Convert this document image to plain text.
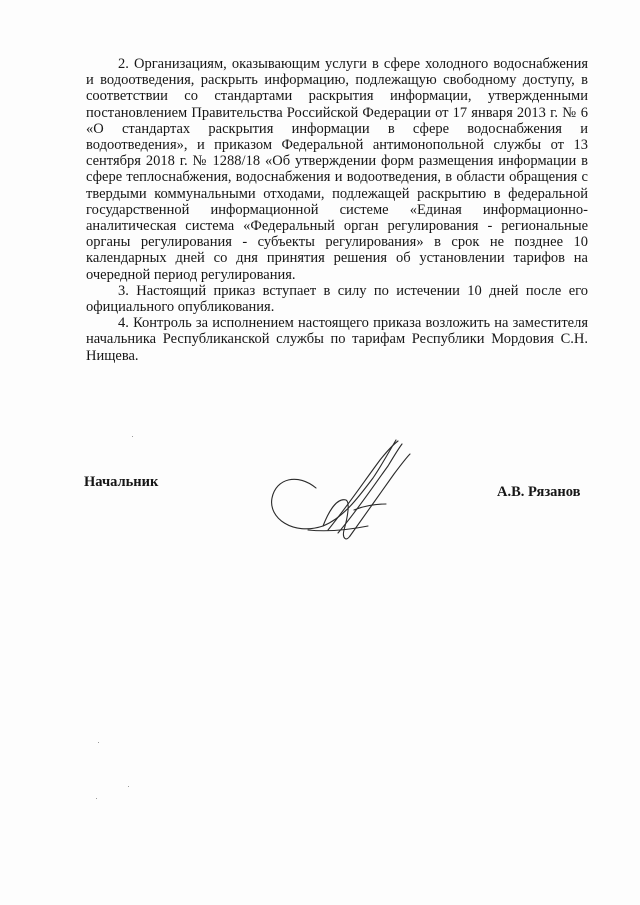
2. Организациям, оказывающим услуги в сфере холодного водоснабжения и водоотведения, раскрыть информацию, подлежащую свободному доступу, в соответствии со стандартами раскрытия информации, утвержденными постановлением Правительства Российской Федерации от 17 января 2013 г. № 6 «О стандартах раскрытия информации в сфере водоснабжения и водоотведения», и приказом Федеральной антимонопольной службы от 13 сентября 2018 г. № 1288/18 «Об утверждении форм размещения информации в сфере теплоснабжения, водоснабжения и водоотведения, в области обращения с твердыми коммунальными отходами, подлежащей раскрытию в федеральной государственной информационной системе «Единая информационно-аналитическая система «Федеральный орган регулирования - региональные органы регулирования - субъекты регулирования» в срок не позднее 10 календарных дней со дня принятия решения об установлении тарифов на очередной период регулирования.

3. Настоящий приказ вступает в силу по истечении 10 дней после его официального опубликования.

4. Контроль за исполнением настоящего приказа возложить на заместителя начальника Республиканской службы по тарифам Республики Мордовия С.Н. Нищева.

Начальник
А.В. Рязанов
